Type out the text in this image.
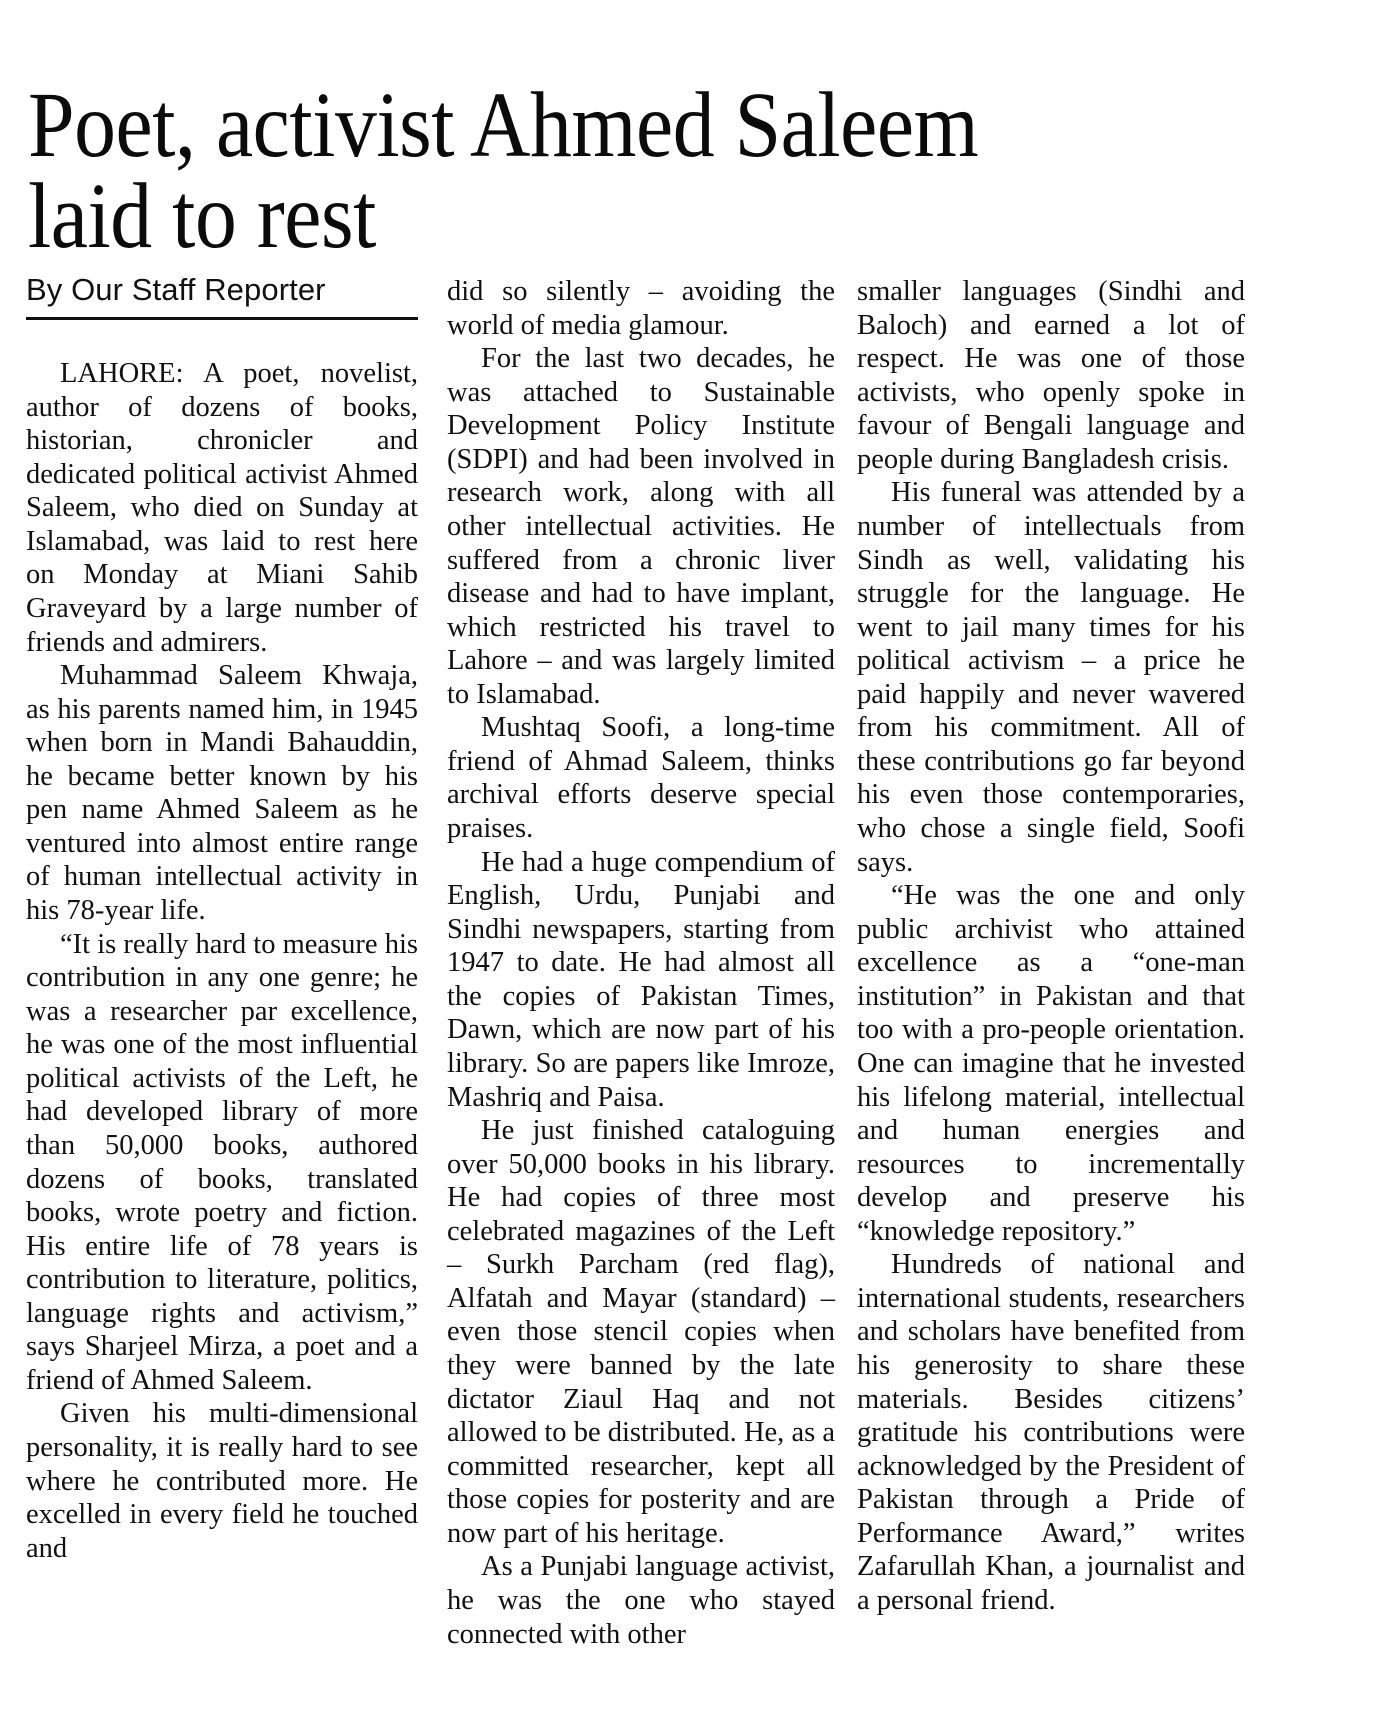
Poet, activist Ahmed Saleem laid to rest
By Our Staff Reporter

LAHORE: A poet, novelist, author of dozens of books, historian, chronicler and dedicated political activist Ahmed Saleem, who died on Sunday at Islamabad, was laid to rest here on Monday at Miani Sahib Graveyard by a large number of friends and admirers.

Muhammad Saleem Khwaja, as his parents named him, in 1945 when born in Mandi Bahauddin, he became better known by his pen name Ahmed Saleem as he ventured into almost entire range of human intellectual activity in his 78-year life.

“It is really hard to measure his contribution in any one genre; he was a researcher par excellence, he was one of the most influential political activists of the Left, he had developed library of more than 50,000 books, authored dozens of books, translated books, wrote poetry and fiction. His entire life of 78 years is contribution to literature, politics, language rights and activism,” says Sharjeel Mirza, a poet and a friend of Ahmed Saleem.

Given his multi-dimensional personality, it is really hard to see where he contributed more. He excelled in every field he touched and

did so silently – avoiding the world of media glamour.

For the last two decades, he was attached to Sustainable Development Policy Institute (SDPI) and had been involved in research work, along with all other intellectual activities. He suffered from a chronic liver disease and had to have implant, which restricted his travel to Lahore – and was largely limited to Islamabad.

Mushtaq Soofi, a long-time friend of Ahmad Saleem, thinks archival efforts deserve special praises.

He had a huge compendium of English, Urdu, Punjabi and Sindhi newspapers, starting from 1947 to date. He had almost all the copies of Pakistan Times, Dawn, which are now part of his library. So are papers like Imroze, Mashriq and Paisa.

He just finished cataloguing over 50,000 books in his library. He had copies of three most celebrated magazines of the Left – Surkh Parcham (red flag), Alfatah and Mayar (standard) – even those stencil copies when they were banned by the late dictator Ziaul Haq and not allowed to be distributed. He, as a committed researcher, kept all those copies for posterity and are now part of his heritage.

As a Punjabi language activist, he was the one who stayed connected with other

smaller languages (Sindhi and Baloch) and earned a lot of respect. He was one of those activists, who openly spoke in favour of Bengali language and people during Bangladesh crisis.

His funeral was attended by a number of intellectuals from Sindh as well, validating his struggle for the language. He went to jail many times for his political activism – a price he paid happily and never wavered from his commitment. All of these contributions go far beyond his even those contemporaries, who chose a single field, Soofi says.

“He was the one and only public archivist who attained excellence as a “one-man institution” in Pakistan and that too with a pro-people orientation. One can imagine that he invested his lifelong material, intellectual and human energies and resources to incrementally develop and preserve his “knowledge repository.”

Hundreds of national and international students, researchers and scholars have benefited from his generosity to share these materials. Besides citizens’ gratitude his contributions were acknowledged by the President of Pakistan through a Pride of Performance Award,” writes Zafarullah Khan, a journalist and a personal friend.
